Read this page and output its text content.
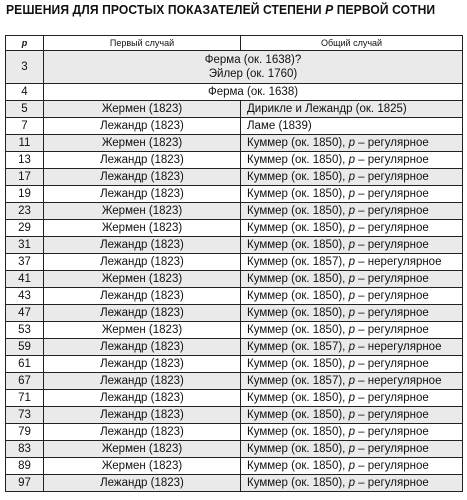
РЕШЕНИЯ ДЛЯ ПРОСТЫХ ПОКАЗАТЕЛЕЙ СТЕПЕНИ P ПЕРВОЙ СОТНИ
p	Первый случай	Общий случай
3	Ферма (ок. 1638)?
Эйлер (ок. 1760)	

4	Ферма (ок. 1638)	

5	Жермен (1823)	Дирикле и Лежандр (ок. 1825)
7	Лежандр (1823)	Ламе (1839)
11	Жермен (1823)	Куммер (ок. 1850), р – регулярное
13	Лежандр (1823)	Куммер (ок. 1850), р – регулярное
17	Лежандр (1823)	Куммер (ок. 1850), р – регулярное
19	Лежандр (1823)	Куммер (ок. 1850), р – регулярное
23	Жермен (1823)	Куммер (ок. 1850), р – регулярное
29	Жермен (1823)	Куммер (ок. 1850), р – регулярное
31	Лежандр (1823)	Куммер (ок. 1850), р – регулярное
37	Лежандр (1823)	Куммер (ок. 1857), р – нерегулярное
41	Жермен (1823)	Куммер (ок. 1850), р – регулярное
43	Лежандр (1823)	Куммер (ок. 1850), р – регулярное
47	Лежандр (1823)	Куммер (ок. 1850), р – регулярное
53	Жермен (1823)	Куммер (ок. 1850), р – регулярное
59	Лежандр (1823)	Куммер (ок. 1857), р – нерегулярное
61	Лежандр (1823)	Куммер (ок. 1850), р – регулярное
67	Лежандр (1823)	Куммер (ок. 1857), р – нерегулярное
71	Лежандр (1823)	Куммер (ок. 1850), р – регулярное
73	Лежандр (1823)	Куммер (ок. 1850), р – регулярное
79	Лежандр (1823)	Куммер (ок. 1850), р – регулярное
83	Жермен (1823)	Куммер (ок. 1850), р – регулярное
89	Жермен (1823)	Куммер (ок. 1850), р – регулярное
97	Лежандр (1823)	Куммер (ок. 1850), р – регулярное
